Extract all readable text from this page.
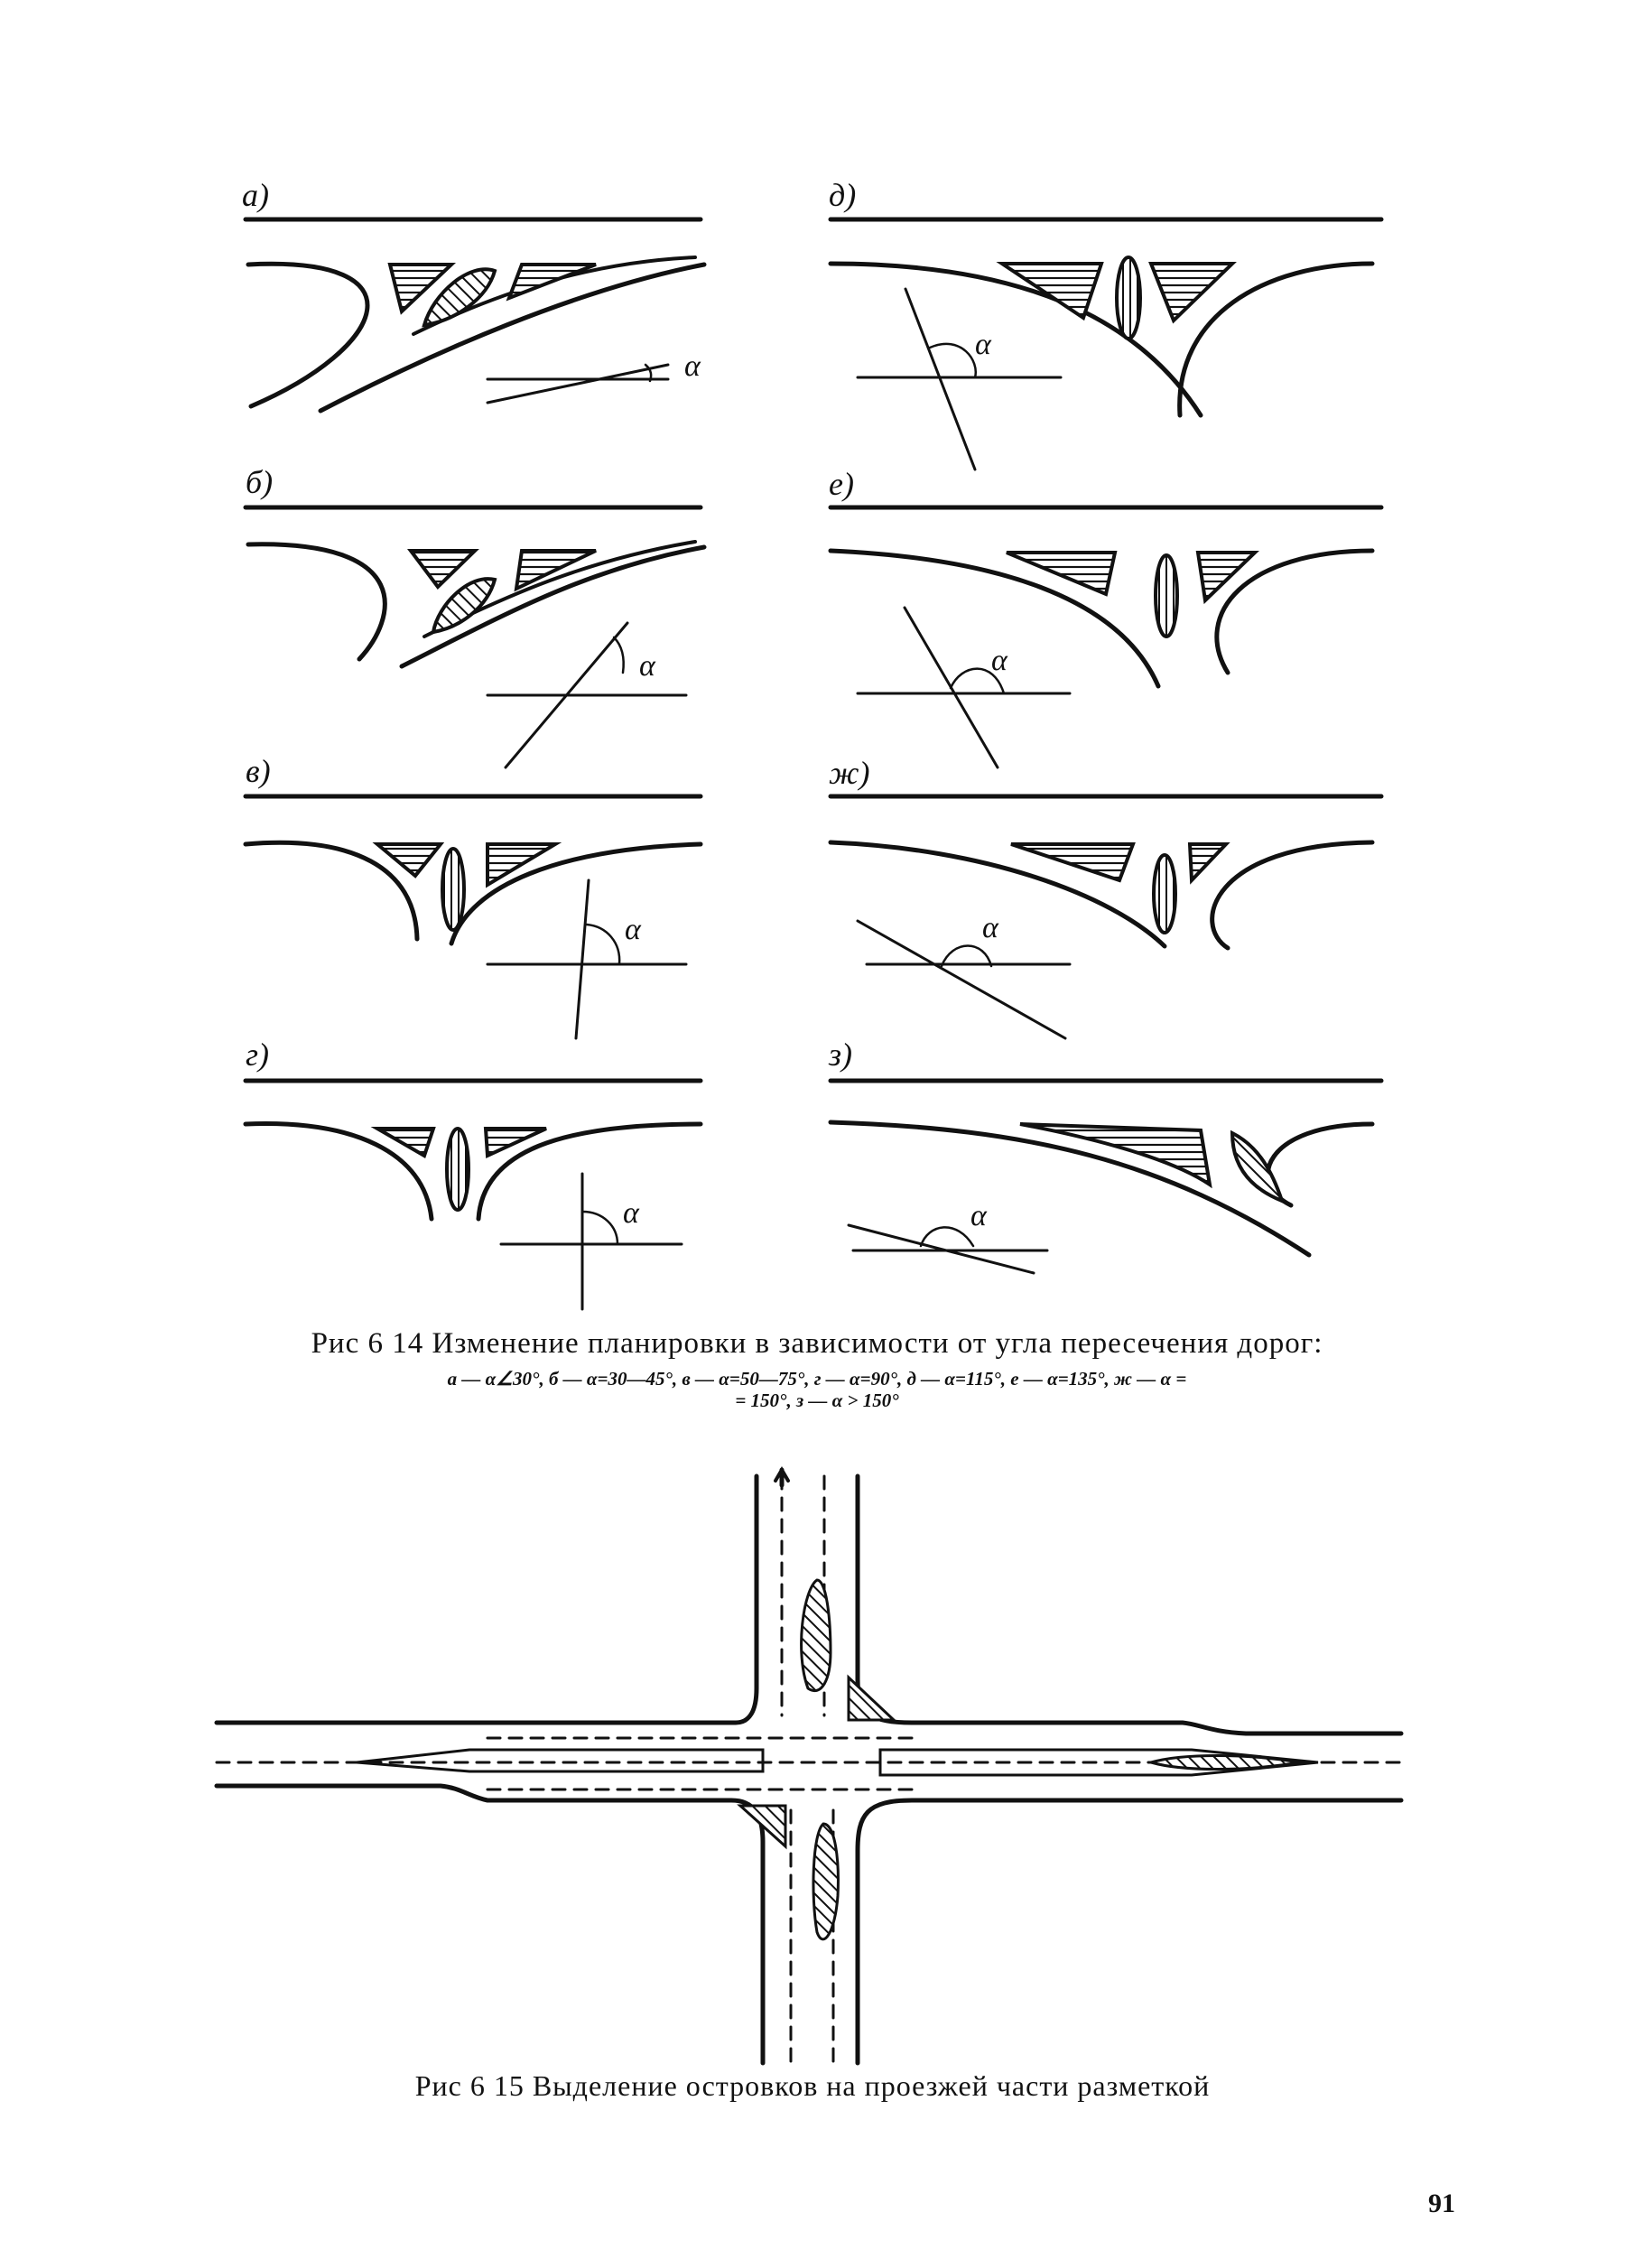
а)
б)
в)
г)
д)
е)
ж)
з)
α
α
α
α
α
α
α
α
Рис 6 14 Изменение планировки в зависимости от угла пересечения дорог:
а — α∠30°, б — α=30—45°, в — α=50—75°, г — α=90°, д — α=115°, е — α=135°, ж — α =
= 150°, з — α > 150°
Рис 6 15 Выделение островков на проезжей части разметкой
91
